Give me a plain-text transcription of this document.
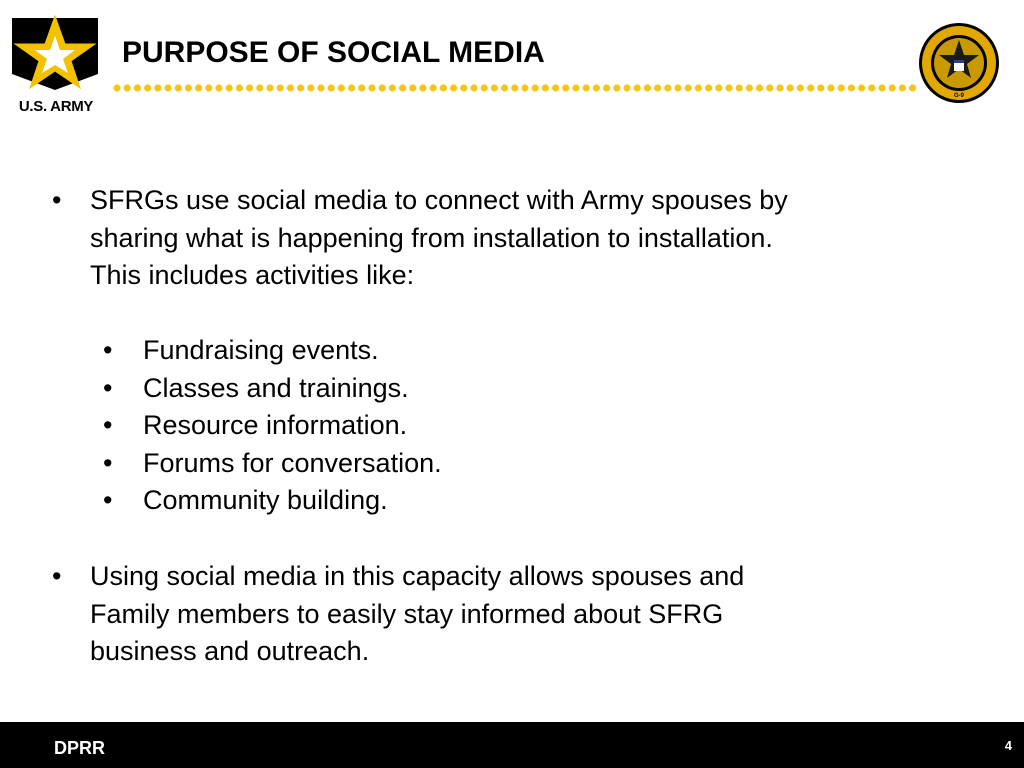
U.S. ARMY
PURPOSE OF SOCIAL MEDIA
G-9
• SFRGs use social media to connect with Army spouses by
sharing what is happening from installation to installation.
This includes activities like:
• Fundraising events.
• Classes and trainings.
• Resource information.
• Forums for conversation.
• Community building.
• Using social media in this capacity allows spouses and
Family members to easily stay informed about SFRG
business and outreach.
DPRR	4
